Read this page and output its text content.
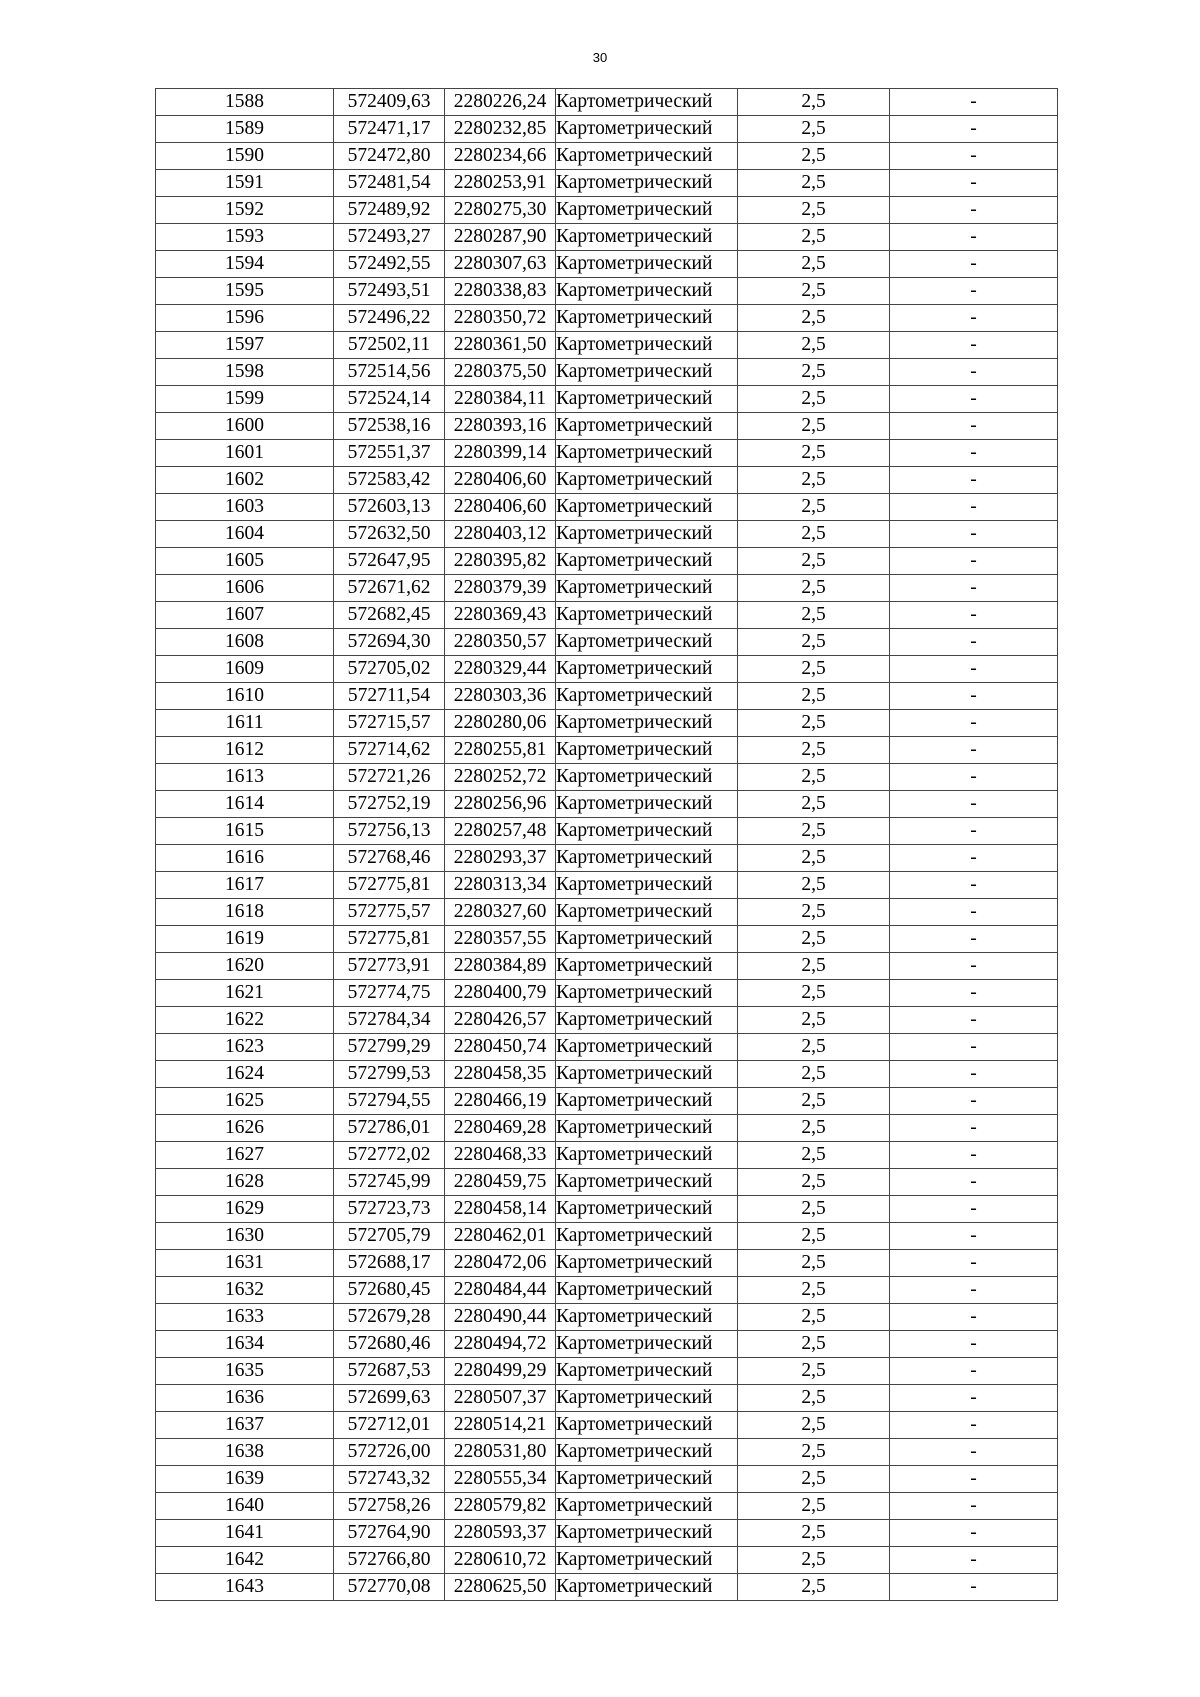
30
1588	572409,63	2280226,24	Картометрический	2,5	-
1589	572471,17	2280232,85	Картометрический	2,5	-
1590	572472,80	2280234,66	Картометрический	2,5	-
1591	572481,54	2280253,91	Картометрический	2,5	-
1592	572489,92	2280275,30	Картометрический	2,5	-
1593	572493,27	2280287,90	Картометрический	2,5	-
1594	572492,55	2280307,63	Картометрический	2,5	-
1595	572493,51	2280338,83	Картометрический	2,5	-
1596	572496,22	2280350,72	Картометрический	2,5	-
1597	572502,11	2280361,50	Картометрический	2,5	-
1598	572514,56	2280375,50	Картометрический	2,5	-
1599	572524,14	2280384,11	Картометрический	2,5	-
1600	572538,16	2280393,16	Картометрический	2,5	-
1601	572551,37	2280399,14	Картометрический	2,5	-
1602	572583,42	2280406,60	Картометрический	2,5	-
1603	572603,13	2280406,60	Картометрический	2,5	-
1604	572632,50	2280403,12	Картометрический	2,5	-
1605	572647,95	2280395,82	Картометрический	2,5	-
1606	572671,62	2280379,39	Картометрический	2,5	-
1607	572682,45	2280369,43	Картометрический	2,5	-
1608	572694,30	2280350,57	Картометрический	2,5	-
1609	572705,02	2280329,44	Картометрический	2,5	-
1610	572711,54	2280303,36	Картометрический	2,5	-
1611	572715,57	2280280,06	Картометрический	2,5	-
1612	572714,62	2280255,81	Картометрический	2,5	-
1613	572721,26	2280252,72	Картометрический	2,5	-
1614	572752,19	2280256,96	Картометрический	2,5	-
1615	572756,13	2280257,48	Картометрический	2,5	-
1616	572768,46	2280293,37	Картометрический	2,5	-
1617	572775,81	2280313,34	Картометрический	2,5	-
1618	572775,57	2280327,60	Картометрический	2,5	-
1619	572775,81	2280357,55	Картометрический	2,5	-
1620	572773,91	2280384,89	Картометрический	2,5	-
1621	572774,75	2280400,79	Картометрический	2,5	-
1622	572784,34	2280426,57	Картометрический	2,5	-
1623	572799,29	2280450,74	Картометрический	2,5	-
1624	572799,53	2280458,35	Картометрический	2,5	-
1625	572794,55	2280466,19	Картометрический	2,5	-
1626	572786,01	2280469,28	Картометрический	2,5	-
1627	572772,02	2280468,33	Картометрический	2,5	-
1628	572745,99	2280459,75	Картометрический	2,5	-
1629	572723,73	2280458,14	Картометрический	2,5	-
1630	572705,79	2280462,01	Картометрический	2,5	-
1631	572688,17	2280472,06	Картометрический	2,5	-
1632	572680,45	2280484,44	Картометрический	2,5	-
1633	572679,28	2280490,44	Картометрический	2,5	-
1634	572680,46	2280494,72	Картометрический	2,5	-
1635	572687,53	2280499,29	Картометрический	2,5	-
1636	572699,63	2280507,37	Картометрический	2,5	-
1637	572712,01	2280514,21	Картометрический	2,5	-
1638	572726,00	2280531,80	Картометрический	2,5	-
1639	572743,32	2280555,34	Картометрический	2,5	-
1640	572758,26	2280579,82	Картометрический	2,5	-
1641	572764,90	2280593,37	Картометрический	2,5	-
1642	572766,80	2280610,72	Картометрический	2,5	-
1643	572770,08	2280625,50	Картометрический	2,5	-
